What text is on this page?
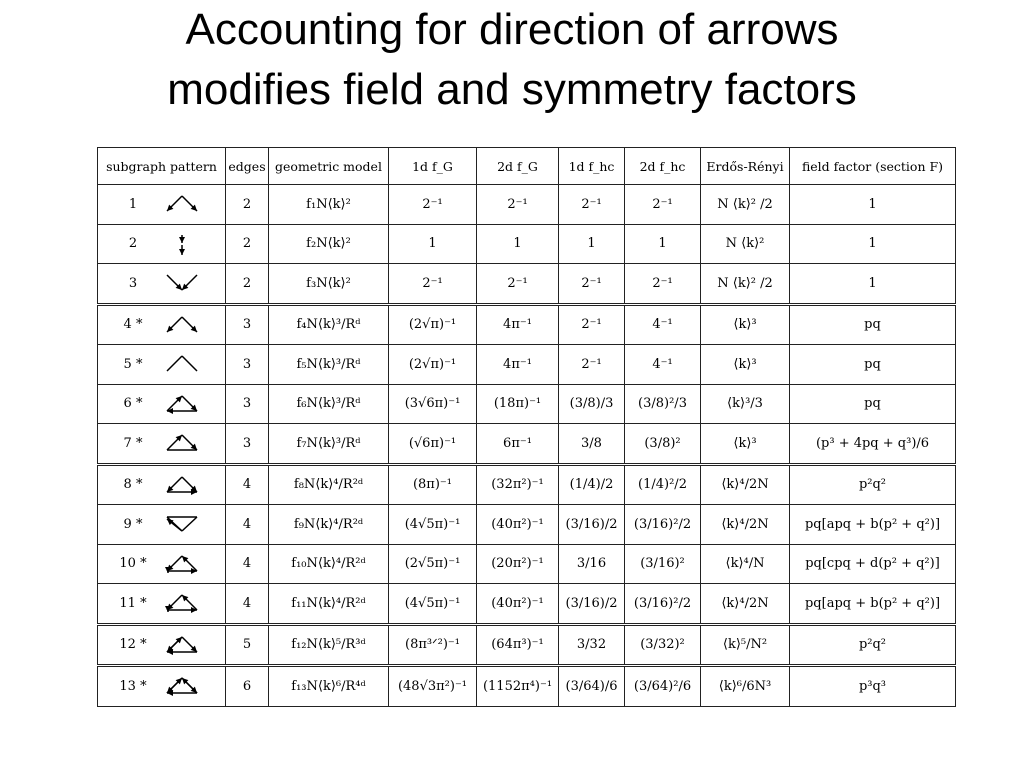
Accounting for direction of arrows
modifies field and symmetry factors
subgraph pattern	edges	geometric model	1d f_G	2d f_G	1d f_hc	2d f_hc	Erdős-Rényi	field factor (section F)
1	2	f₁N⟨k⟩²	2⁻¹	2⁻¹	2⁻¹	2⁻¹	N ⟨k⟩² /2	1
2	2	f₂N⟨k⟩²	1	1	1	1	N ⟨k⟩²	1
3	2	f₃N⟨k⟩²	2⁻¹	2⁻¹	2⁻¹	2⁻¹	N ⟨k⟩² /2	1
4 *	3	f₄N⟨k⟩³/Rᵈ	(2√π)⁻¹	4π⁻¹	2⁻¹	4⁻¹	⟨k⟩³	pq
5 *	3	f₅N⟨k⟩³/Rᵈ	(2√π)⁻¹	4π⁻¹	2⁻¹	4⁻¹	⟨k⟩³	pq
6 *	3	f₆N⟨k⟩³/Rᵈ	(3√6π)⁻¹	(18π)⁻¹	(3/8)/3	(3/8)²/3	⟨k⟩³/3	pq
7 *	3	f₇N⟨k⟩³/Rᵈ	(√6π)⁻¹	6π⁻¹	3/8	(3/8)²	⟨k⟩³	(p³ + 4pq + q³)/6
8 *	4	f₈N⟨k⟩⁴/R²ᵈ	(8π)⁻¹	(32π²)⁻¹	(1/4)/2	(1/4)²/2	⟨k⟩⁴/2N	p²q²
9 *	4	f₉N⟨k⟩⁴/R²ᵈ	(4√5π)⁻¹	(40π²)⁻¹	(3/16)/2	(3/16)²/2	⟨k⟩⁴/2N	pq[apq + b(p² + q²)]
10 *	4	f₁₀N⟨k⟩⁴/R²ᵈ	(2√5π)⁻¹	(20π²)⁻¹	3/16	(3/16)²	⟨k⟩⁴/N	pq[cpq + d(p² + q²)]
11 *	4	f₁₁N⟨k⟩⁴/R²ᵈ	(4√5π)⁻¹	(40π²)⁻¹	(3/16)/2	(3/16)²/2	⟨k⟩⁴/2N	pq[apq + b(p² + q²)]
12 *	5	f₁₂N⟨k⟩⁵/R³ᵈ	(8π³ᐟ²)⁻¹	(64π³)⁻¹	3/32	(3/32)²	⟨k⟩⁵/N²	p²q²
13 *	6	f₁₃N⟨k⟩⁶/R⁴ᵈ	(48√3π²)⁻¹	(1152π⁴)⁻¹	(3/64)/6	(3/64)²/6	⟨k⟩⁶/6N³	p³q³
